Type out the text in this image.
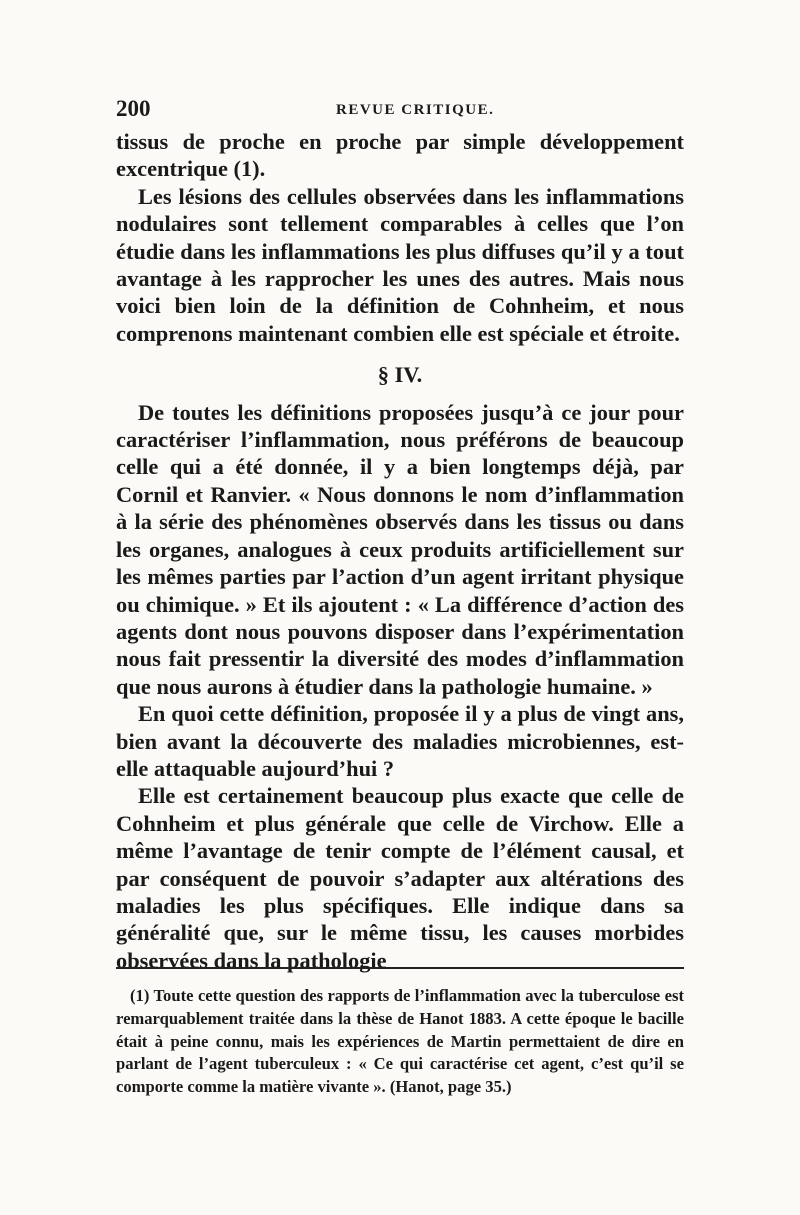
200	REVUE CRITIQUE.

tissus de proche en proche par simple développement excentrique (1).

Les lésions des cellules observées dans les inflammations nodulaires sont tellement comparables à celles que l’on étudie dans les inflammations les plus diffuses qu’il y a tout avantage à les rapprocher les unes des autres. Mais nous voici bien loin de la définition de Cohnheim, et nous comprenons maintenant combien elle est spéciale et étroite.

§ IV.

De toutes les définitions proposées jusqu’à ce jour pour caractériser l’inflammation, nous préférons de beaucoup celle qui a été donnée, il y a bien longtemps déjà, par Cornil et Ranvier. « Nous donnons le nom d’inflammation à la série des phénomènes observés dans les tissus ou dans les organes, analogues à ceux produits artificiellement sur les mêmes parties par l’action d’un agent irritant physique ou chimique. » Et ils ajoutent : « La différence d’action des agents dont nous pouvons disposer dans l’expérimentation nous fait pressentir la diversité des modes d’inflammation que nous aurons à étudier dans la pathologie humaine. »

En quoi cette définition, proposée il y a plus de vingt ans, bien avant la découverte des maladies microbiennes, est-elle attaquable aujourd’hui ?

Elle est certainement beaucoup plus exacte que celle de Cohnheim et plus générale que celle de Virchow. Elle a même l’avantage de tenir compte de l’élément causal, et par conséquent de pouvoir s’adapter aux altérations des maladies les plus spécifiques. Elle indique dans sa généralité que, sur le même tissu, les causes morbides observées dans la pathologie

(1) Toute cette question des rapports de l’inflammation avec la tuberculose est remarquablement traitée dans la thèse de Hanot 1883. A cette époque le bacille était à peine connu, mais les expériences de Martin permettaient de dire en parlant de l’agent tuberculeux : « Ce qui caractérise cet agent, c’est qu’il se comporte comme la matière vivante ». (Hanot, page 35.)
